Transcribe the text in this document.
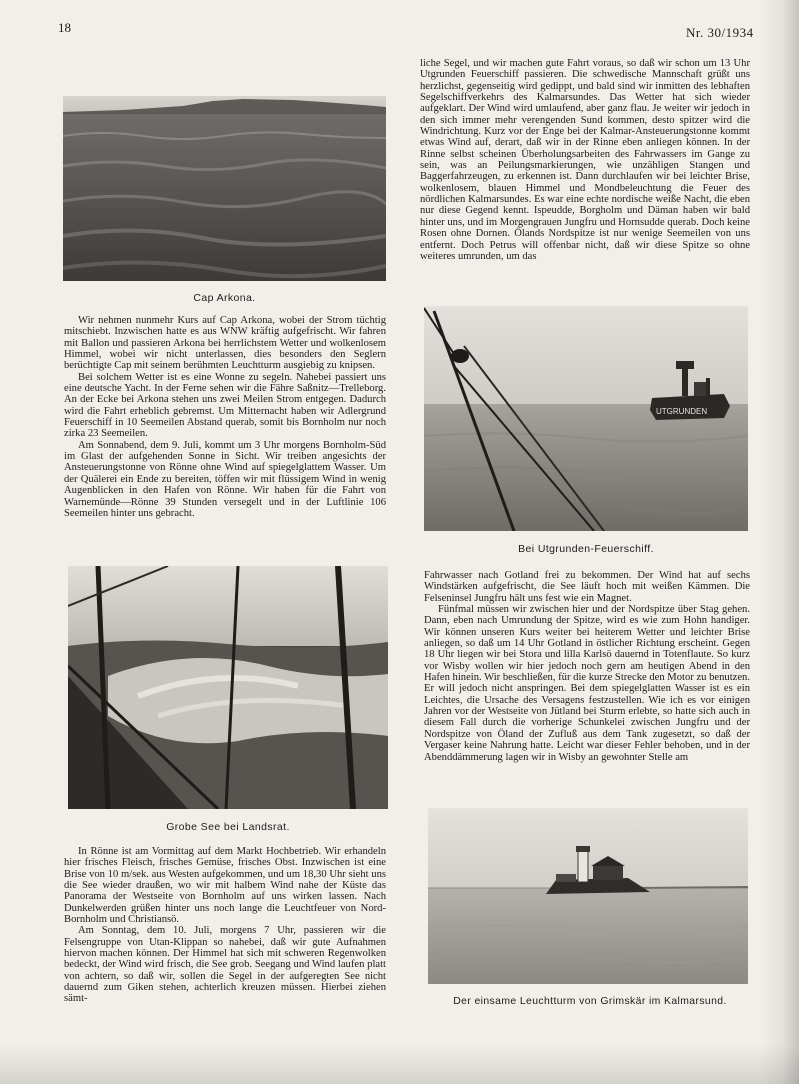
18	Nr. 30/1934
Cap Arkona.

Wir nehmen nunmehr Kurs auf Cap Arkona, wobei der Strom tüchtig mitschiebt. Inzwischen hatte es aus WNW kräftig aufgefrischt. Wir fahren mit Ballon und passieren Arkona bei herrlichstem Wetter und wolkenlosem Himmel, wobei wir nicht unterlassen, dies besonders den Seglern berüchtigte Cap mit seinem berühmten Leuchtturm ausgiebig zu knipsen.

Bei solchem Wetter ist es eine Wonne zu segeln. Nahebei passiert uns eine deutsche Yacht. In der Ferne sehen wir die Fähre Saßnitz—Trelleborg. An der Ecke bei Arkona stehen uns zwei Meilen Strom entgegen. Dadurch wird die Fahrt erheblich gebremst. Um Mitternacht haben wir Adlergrund Feuerschiff in 10 Seemeilen Abstand querab, somit bis Bornholm nur noch zirka 23 Seemeilen.

Am Sonnabend, dem 9. Juli, kommt um 3 Uhr morgens Bornholm-Süd im Glast der aufgehenden Sonne in Sicht. Wir treiben angesichts der Ansteuerungstonne von Rönne ohne Wind auf spiegelglattem Wasser. Um der Quälerei ein Ende zu bereiten, töffen wir mit flüssigem Wind in wenig Augenblicken in den Hafen von Rönne. Wir haben für die Fahrt von Warnemünde—Rönne 39 Stunden versegelt und in der Luftlinie 106 Seemeilen hinter uns gebracht.

Grobe See bei Landsrat.

In Rönne ist am Vormittag auf dem Markt Hochbetrieb. Wir erhandeln hier frisches Fleisch, frisches Gemüse, frisches Obst. Inzwischen ist eine Brise von 10 m/sek. aus Westen aufgekommen, und um 18,30 Uhr sieht uns die See wieder draußen, wo wir mit halbem Wind nahe der Küste das Panorama der Westseite von Bornholm auf uns wirken lassen. Nach Dunkelwerden grüßen hinter uns noch lange die Leuchtfeuer von Nord-Bornholm und Christiansö.

Am Sonntag, dem 10. Juli, morgens 7 Uhr, passieren wir die Felsengruppe von Utan-Klippan so nahebei, daß wir gute Aufnahmen hiervon machen können. Der Himmel hat sich mit schweren Regenwolken bedeckt, der Wind wird frisch, die See grob. Seegang und Wind laufen platt von achtern, so daß wir, sollen die Segel in der aufgeregten See nicht dauernd zum Giken stehen, achterlich kreuzen müssen. Hierbei ziehen sämt-

liche Segel, und wir machen gute Fahrt voraus, so daß wir schon um 13 Uhr Utgrunden Feuerschiff passieren. Die schwedische Mannschaft grüßt uns herzlichst, gegenseitig wird gedippt, und bald sind wir inmitten des lebhaften Segelschiffverkehrs des Kalmarsundes. Das Wetter hat sich wieder aufgeklart. Der Wind wird umlaufend, aber ganz flau. Je weiter wir jedoch in den sich immer mehr verengenden Sund kommen, desto spitzer wird die Windrichtung. Kurz vor der Enge bei der Kalmar-Ansteuerungstonne kommt etwas Wind auf, derart, daß wir in der Rinne eben anliegen können. In der Rinne selbst scheinen Überholungsarbeiten des Fahrwassers im Gange zu sein, was an Peilungsmarkierungen, wie unzähligen Stangen und Baggerfahrzeugen, zu erkennen ist. Dann durchlaufen wir bei leichter Brise, wolkenlosem, blauen Himmel und Mondbeleuchtung die Feuer des nördlichen Kalmarsundes. Es war eine echte nordische weiße Nacht, die eben nur diese Gegend kennt. Ispeudde, Borgholm und Däman haben wir bald hinter uns, und im Morgengrauen Jungfru und Hornsudde querab. Doch keine Rosen ohne Dornen. Ölands Nordspitze ist nur wenige Seemeilen von uns entfernt. Doch Petrus will offenbar nicht, daß wir diese Spitze so ohne weiteres umrunden, um das

UTGRUNDEN
Bei Utgrunden-Feuerschiff.

Fahrwasser nach Gotland frei zu bekommen. Der Wind hat auf sechs Windstärken aufgefrischt, die See läuft hoch mit weißen Kämmen. Die Felseninsel Jungfru hält uns fest wie ein Magnet.

Fünfmal müssen wir zwischen hier und der Nordspitze über Stag gehen. Dann, eben nach Umrundung der Spitze, wird es wie zum Hohn handiger. Wir können unseren Kurs weiter bei heiterem Wetter und leichter Brise anliegen, so daß um 14 Uhr Gotland in östlicher Richtung erscheint. Gegen 18 Uhr liegen wir bei Stora und lilla Karlsö dauernd in Totenflaute. So kurz vor Wisby wollen wir hier jedoch noch gern am heutigen Abend in den Hafen hinein. Wir beschließen, für die kurze Strecke den Motor zu benutzen. Er will jedoch nicht anspringen. Bei dem spiegelglatten Wasser ist es ein Leichtes, die Ursache des Versagens festzustellen. Wie ich es vor einigen Jahren vor der Westseite von Jütland bei Sturm erlebte, so hatte sich auch in diesem Fall durch die vorherige Schunkelei zwischen Jungfru und der Nordspitze von Öland der Zufluß aus dem Tank zugesetzt, so daß der Vergaser keine Nahrung hatte. Leicht war dieser Fehler behoben, und in der Abenddämmerung lagen wir in Wisby an gewohnter Stelle am

Der einsame Leuchtturm von Grimskär im Kalmarsund.
